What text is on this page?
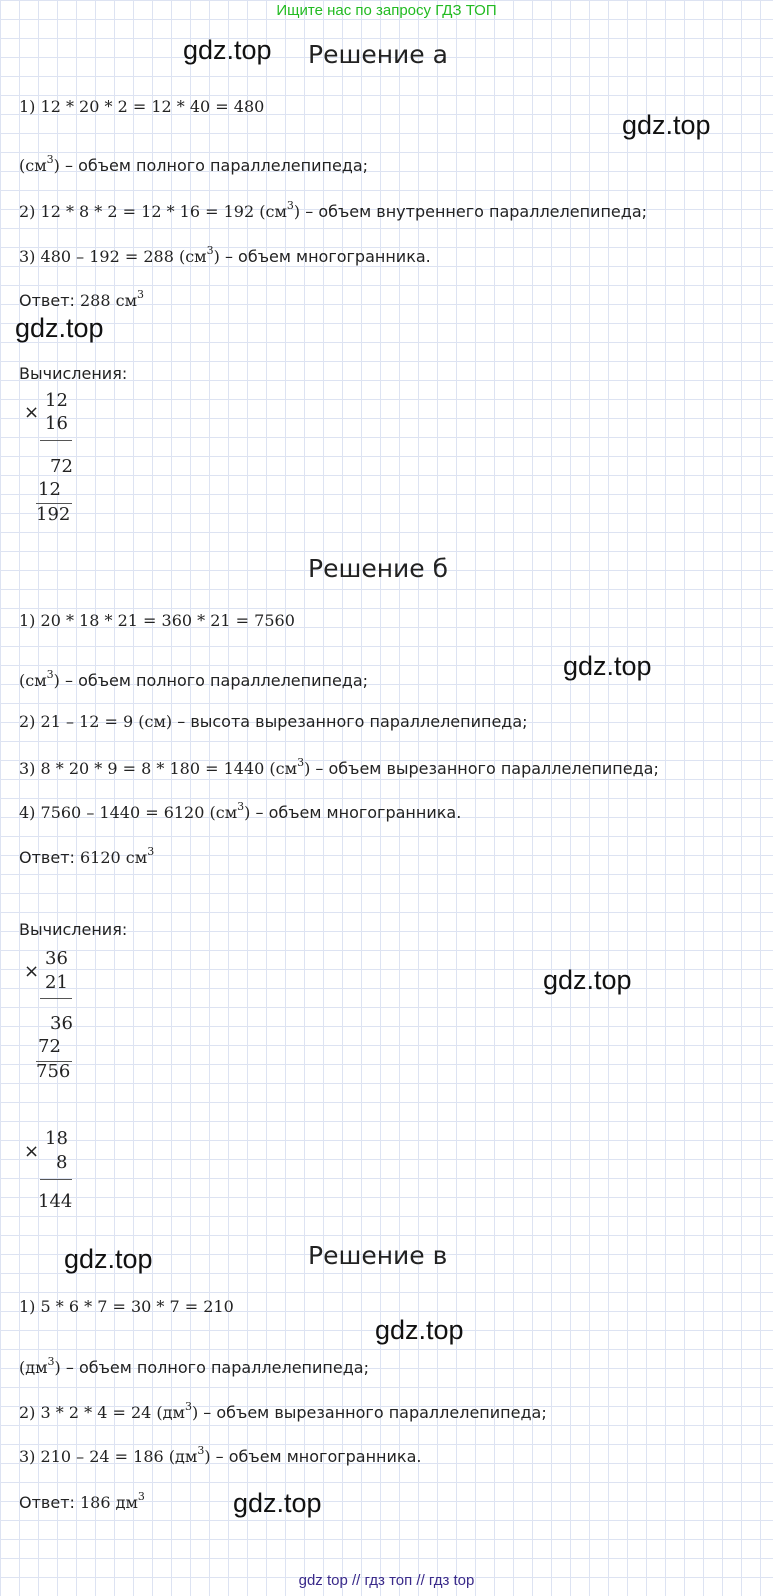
Ищите нас по запросу ГДЗ ТОП
gdz.top
gdz.top
gdz.top
gdz.top
gdz.top
gdz.top
gdz.top
gdz.top
Решение а
1) 12 * 20 * 2 = 12 * 40 = 480
$(см^3)$ – объем полного параллелепипеда;
2) 12 * 8 * 2 = 12 * 16 = 192 $(см^3)$ – объем внутреннего параллелепипеда;
3) 480 – 192 = 288 $(см^3)$ – объем многогранника.
Ответ: 288 $см^3$
Вычисления:
×
12
16
72
12
192
Решение б
1) 20 * 18 * 21 = 360 * 21 = 7560
$(см^3)$ – объем полного параллелепипеда;
2) 21 – 12 = 9 (см) – высота вырезанного параллелепипеда;
3) 8 * 20 * 9 = 8 * 180 = 1440 $(см^3)$ – объем вырезанного параллелепипеда;
4) 7560 – 1440 = 6120 $(см^3)$ – объем многогранника.
Ответ: 6120 $см^3$
Вычисления:
×
36
21
36
72
756
×
18
8
144
Решение в
1) 5 * 6 * 7 = 30 * 7 = 210
$(дм^3)$ – объем полного параллелепипеда;
2) 3 * 2 * 4 = 24 $(дм^3)$ – объем вырезанного параллелепипеда;
3) 210 – 24 = 186 $(дм^3)$ – объем многогранника.
Ответ: 186 $дм^3$
gdz top // гдз топ // гдз top
